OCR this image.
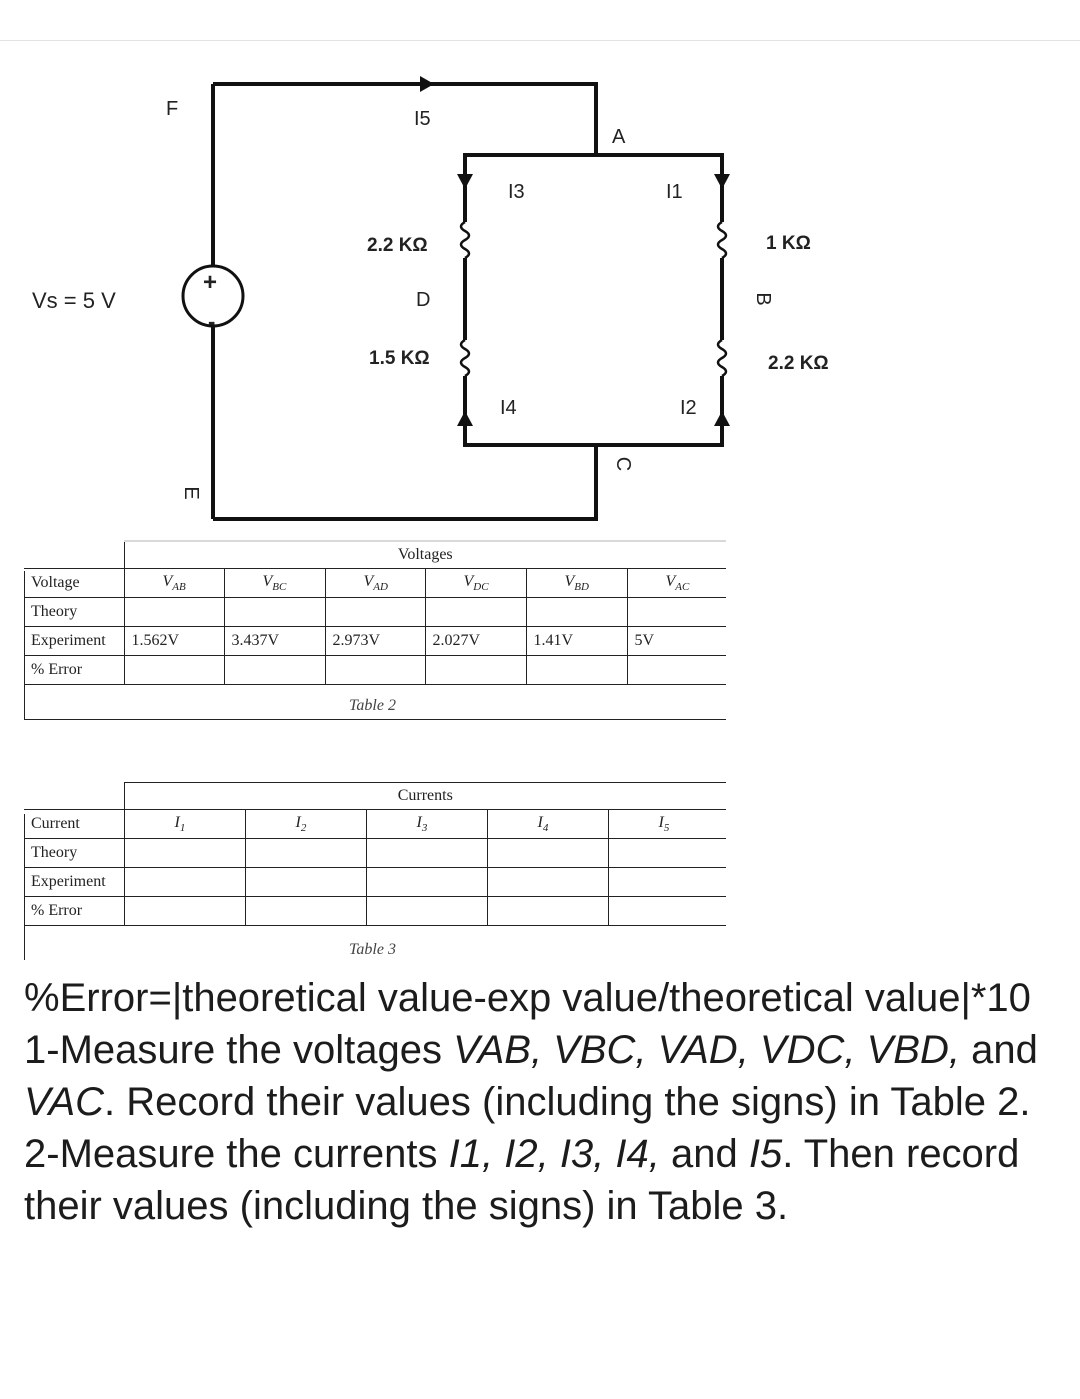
F
E
A
B
C
D
I5
I3	I1
I4	I2
Vs = 5 V
2.2 KΩ
1.5 KΩ
1 KΩ
2.2 KΩ
+
-
	Voltages					
Voltage	$V_{AB}$	$V_{BC}$	$V_{AD}$	$V_{DC}$	$V_{BD}$	$V_{AC}$
Theory						
Experiment	1.562V	3.437V	2.973V	2.027V	1.41V	5V
% Error						
Table 2
	Currents				
Current	$I_1$	$I_2$	$I_3$	$I_4$	$I_5$
Theory					
Experiment					
% Error					
Table 3

%Error=|theoretical value-exp value/theoretical value|*10

1-Measure the voltages VAB, VBC, VAD, VDC, VBD, and VAC. Record their values (including the signs) in Table 2.

2-Measure the currents I1, I2, I3, I4, and I5. Then record their values (including the signs) in Table 3.
